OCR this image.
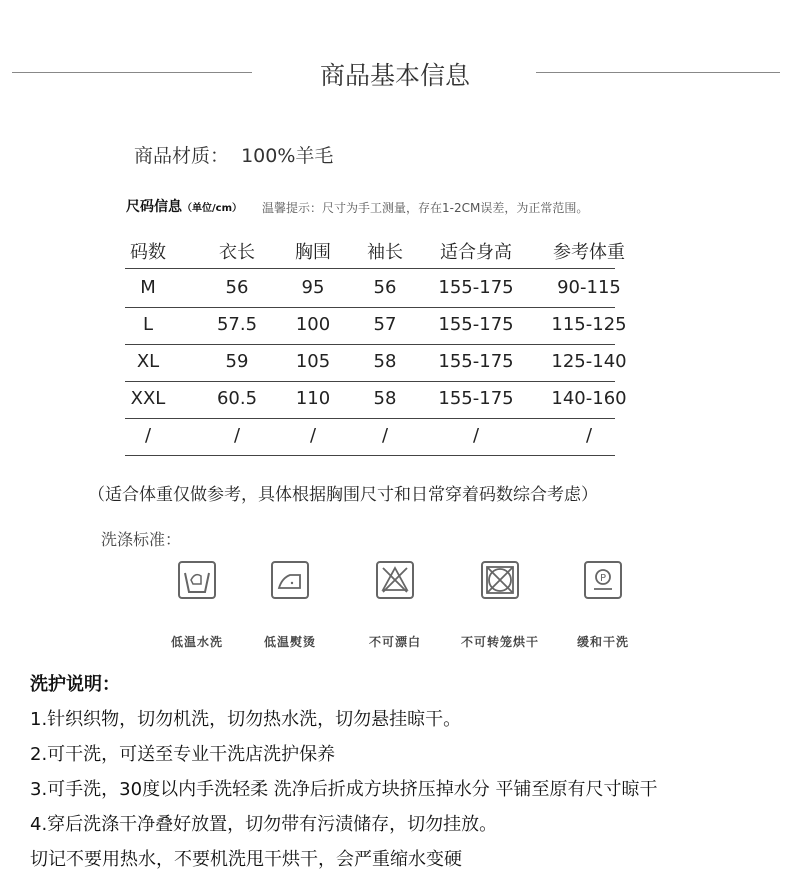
商品基本信息
商品材质：  100%羊毛
尺码信息（单位/cm） 温馨提示：尺寸为手工测量，存在1-2CM误差，为正常范围。
码数	衣长	胸围	袖长	适合身高	参考体重
M	56	95	56	155-175	90-115
L	57.5	100	57	155-175	115-125
XL	59	105	58	155-175	125-140
XXL	60.5	110	58	155-175	140-160
/	/	/	/	/	/
（适合体重仅做参考，具体根据胸围尺寸和日常穿着码数综合考虑）
洗涤标准：
低温水洗	低温熨烫	不可漂白	不可转笼烘干
P
缓和干洗
洗护说明：
1.针织织物，切勿机洗，切勿热水洗，切勿悬挂晾干。
2.可干洗，可送至专业干洗店洗护保养
3.可手洗，30度以内手洗轻柔 洗净后折成方块挤压掉水分 平铺至原有尺寸晾干
4.穿后洗涤干净叠好放置，切勿带有污渍储存，切勿挂放。
切记不要用热水，不要机洗甩干烘干，会严重缩水变硬
